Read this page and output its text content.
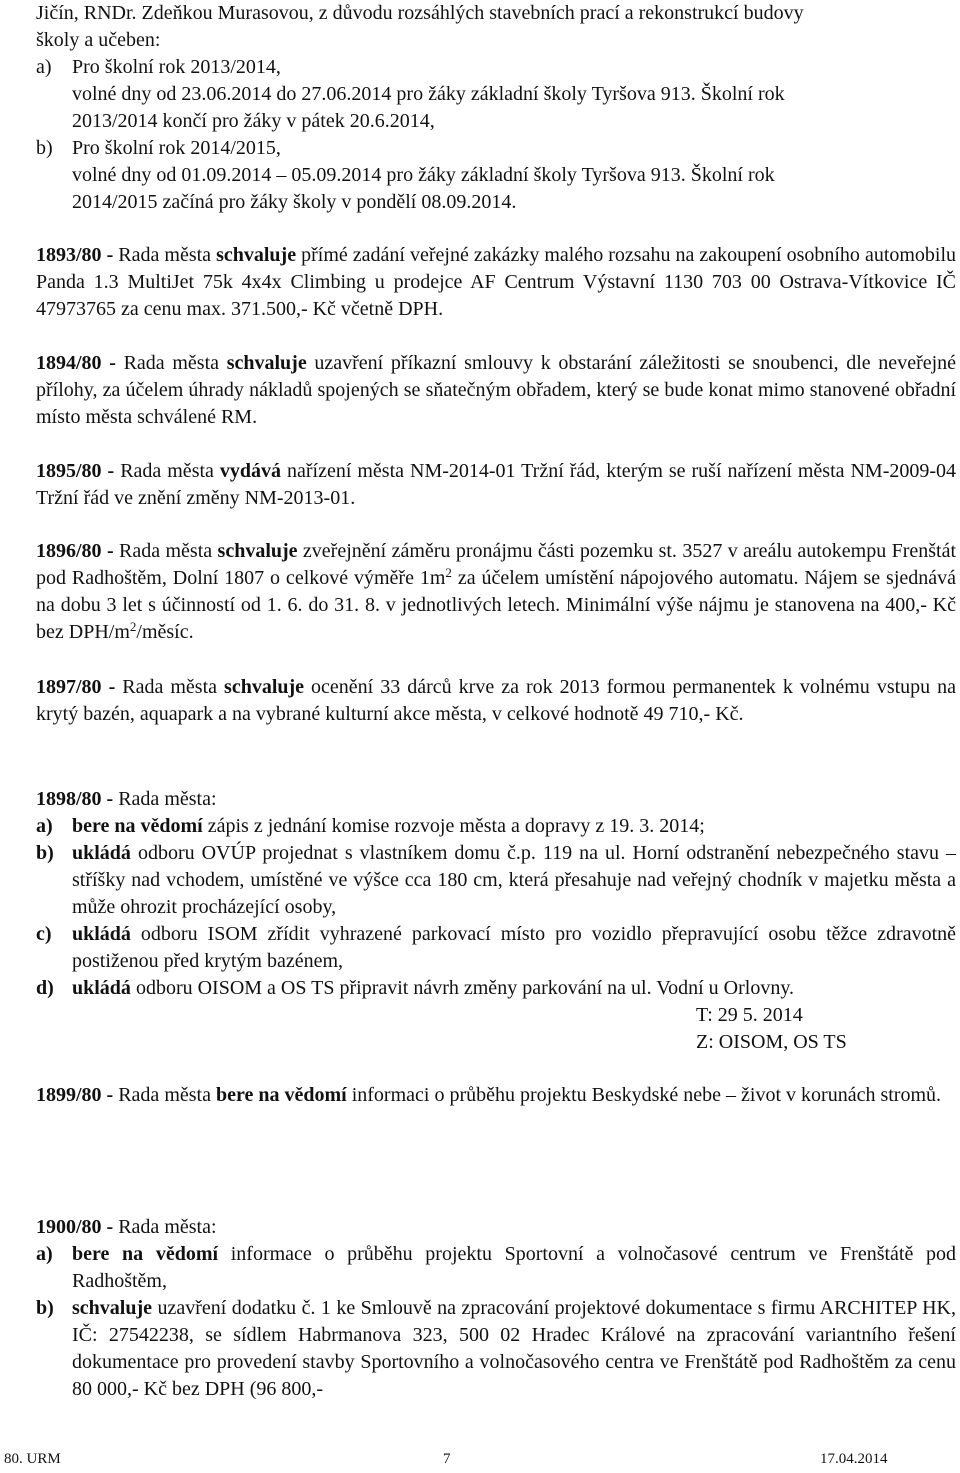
Jičín, RNDr. Zdeňkou Murasovou, z důvodu rozsáhlých stavebních prací a rekonstrukcí budovy
školy a učeben:
a) Pro školní rok 2013/2014,
volné dny od 23.06.2014 do 27.06.2014 pro žáky základní školy Tyršova 913. Školní rok
2013/2014 končí pro žáky v pátek 20.6.2014,
b) Pro školní rok 2014/2015,
volné dny od 01.09.2014 – 05.09.2014 pro žáky základní školy Tyršova 913. Školní rok
2014/2015 začíná pro žáky školy v pondělí 08.09.2014.
1893/80 - Rada města schvaluje přímé zadání veřejné zakázky malého rozsahu na zakoupení osobního automobilu Panda 1.3 MultiJet 75k 4x4x Climbing u prodejce AF Centrum Výstavní 1130 703 00 Ostrava-Vítkovice IČ 47973765 za cenu max. 371.500,- Kč včetně DPH.
1894/80 - Rada města schvaluje uzavření příkazní smlouvy k obstarání záležitosti se snoubenci, dle neveřejné přílohy, za účelem úhrady nákladů spojených se sňatečným obřadem, který se bude konat mimo stanovené obřadní místo města schválené RM.
1895/80 - Rada města vydává nařízení města NM-2014-01 Tržní řád, kterým se ruší nařízení města NM-2009-04 Tržní řád ve znění změny NM-2013-01.
1896/80 - Rada města schvaluje zveřejnění záměru pronájmu části pozemku st. 3527 v areálu autokempu Frenštát pod Radhoštěm, Dolní 1807 o celkové výměře $1m^2$ za účelem umístění nápojového automatu. Nájem se sjednává na dobu 3 let s účinností od 1. 6. do 31. 8. v jednotlivých letech. Minimální výše nájmu je stanovena na 400,- Kč bez DPH/$m^2$/měsíc.
1897/80 - Rada města schvaluje ocenění 33 dárců krve za rok 2013 formou permanentek k volnému vstupu na krytý bazén, aquapark a na vybrané kulturní akce města, v celkové hodnotě 49 710,- Kč.
1898/80 - Rada města:
a) bere na vědomí zápis z jednání komise rozvoje města a dopravy z 19. 3. 2014;
b) ukládá odboru OVÚP projednat s vlastníkem domu č.p. 119 na ul. Horní odstranění nebezpečného stavu – stříšky nad vchodem, umístěné ve výšce cca 180 cm, která přesahuje nad veřejný chodník v majetku města a může ohrozit procházející osoby,
c) ukládá odboru ISOM zřídit vyhrazené parkovací místo pro vozidlo přepravující osobu těžce zdravotně postiženou před krytým bazénem,
d) ukládá odboru OISOM a OS TS připravit návrh změny parkování na ul. Vodní u Orlovny.
T: 29 5. 2014
Z: OISOM, OS TS
1899/80 - Rada města bere na vědomí informaci o průběhu projektu Beskydské nebe – život v korunách stromů.
1900/80 - Rada města:
a) bere na vědomí informace o průběhu projektu Sportovní a volnočasové centrum ve Frenštátě pod Radhoštěm,
b) schvaluje uzavření dodatku č. 1 ke Smlouvě na zpracování projektové dokumentace s firmu ARCHITEP HK, IČ: 27542238, se sídlem Habrmanova 323, 500 02 Hradec Králové na zpracování variantního řešení dokumentace pro provedení stavby Sportovního a volnočasového centra ve Frenštátě pod Radhoštěm za cenu 80 000,- Kč bez DPH (96 800,-
80. URM	7	17.04.2014
